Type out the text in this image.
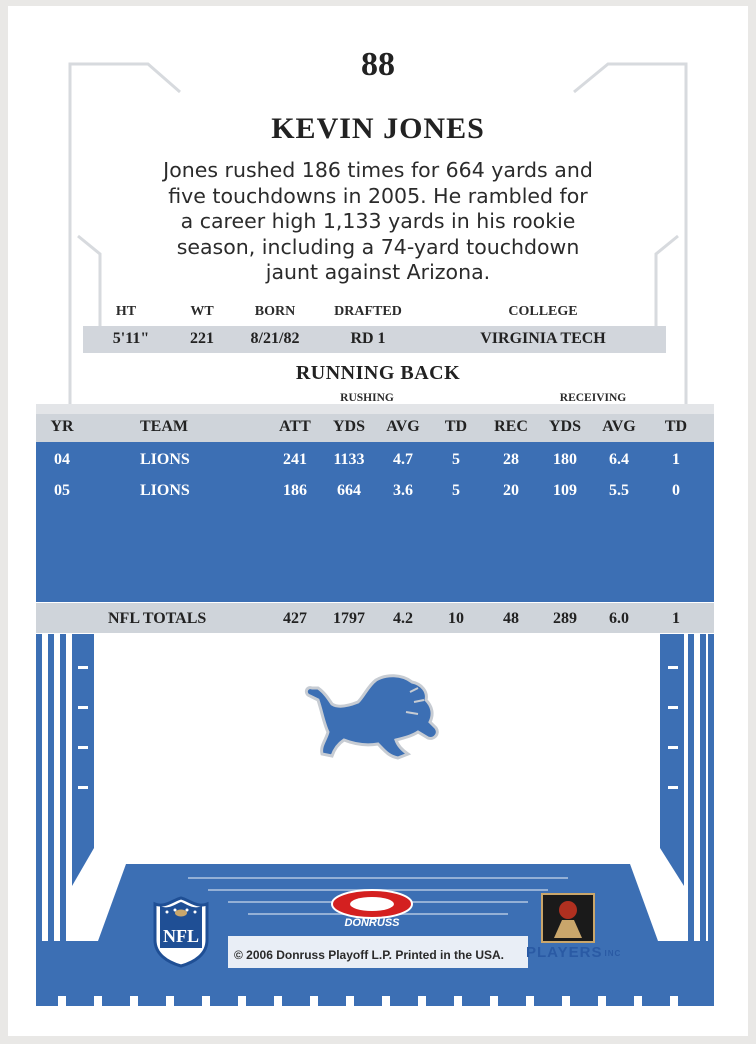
88
KEVIN JONES
Jones rushed 186 times for 664 yards and
five touchdowns in 2005. He rambled for
a career high 1,133 yards in his rookie
season, including a 74-yard touchdown
jaunt against Arizona.
HT	WT	BORN	DRAFTED	COLLEGE
5'11"	221	8/21/82	RD 1	VIRGINIA TECH
RUNNING BACK
RUSHING	RECEIVING
YR	TEAM	ATT	YDS	AVG	TD	REC	YDS	AVG	TD
04	LIONS	241	1133	4.7	5	28	180	6.4	1
05	LIONS	186	664	3.6	5	20	109	5.5	0
NFL TOTALS	427	1797	4.2	10	48	289	6.0	1
NFL
DONRUSS
© 2006 Donruss Playoff L.P. Printed in the USA. PLAYERS INC
